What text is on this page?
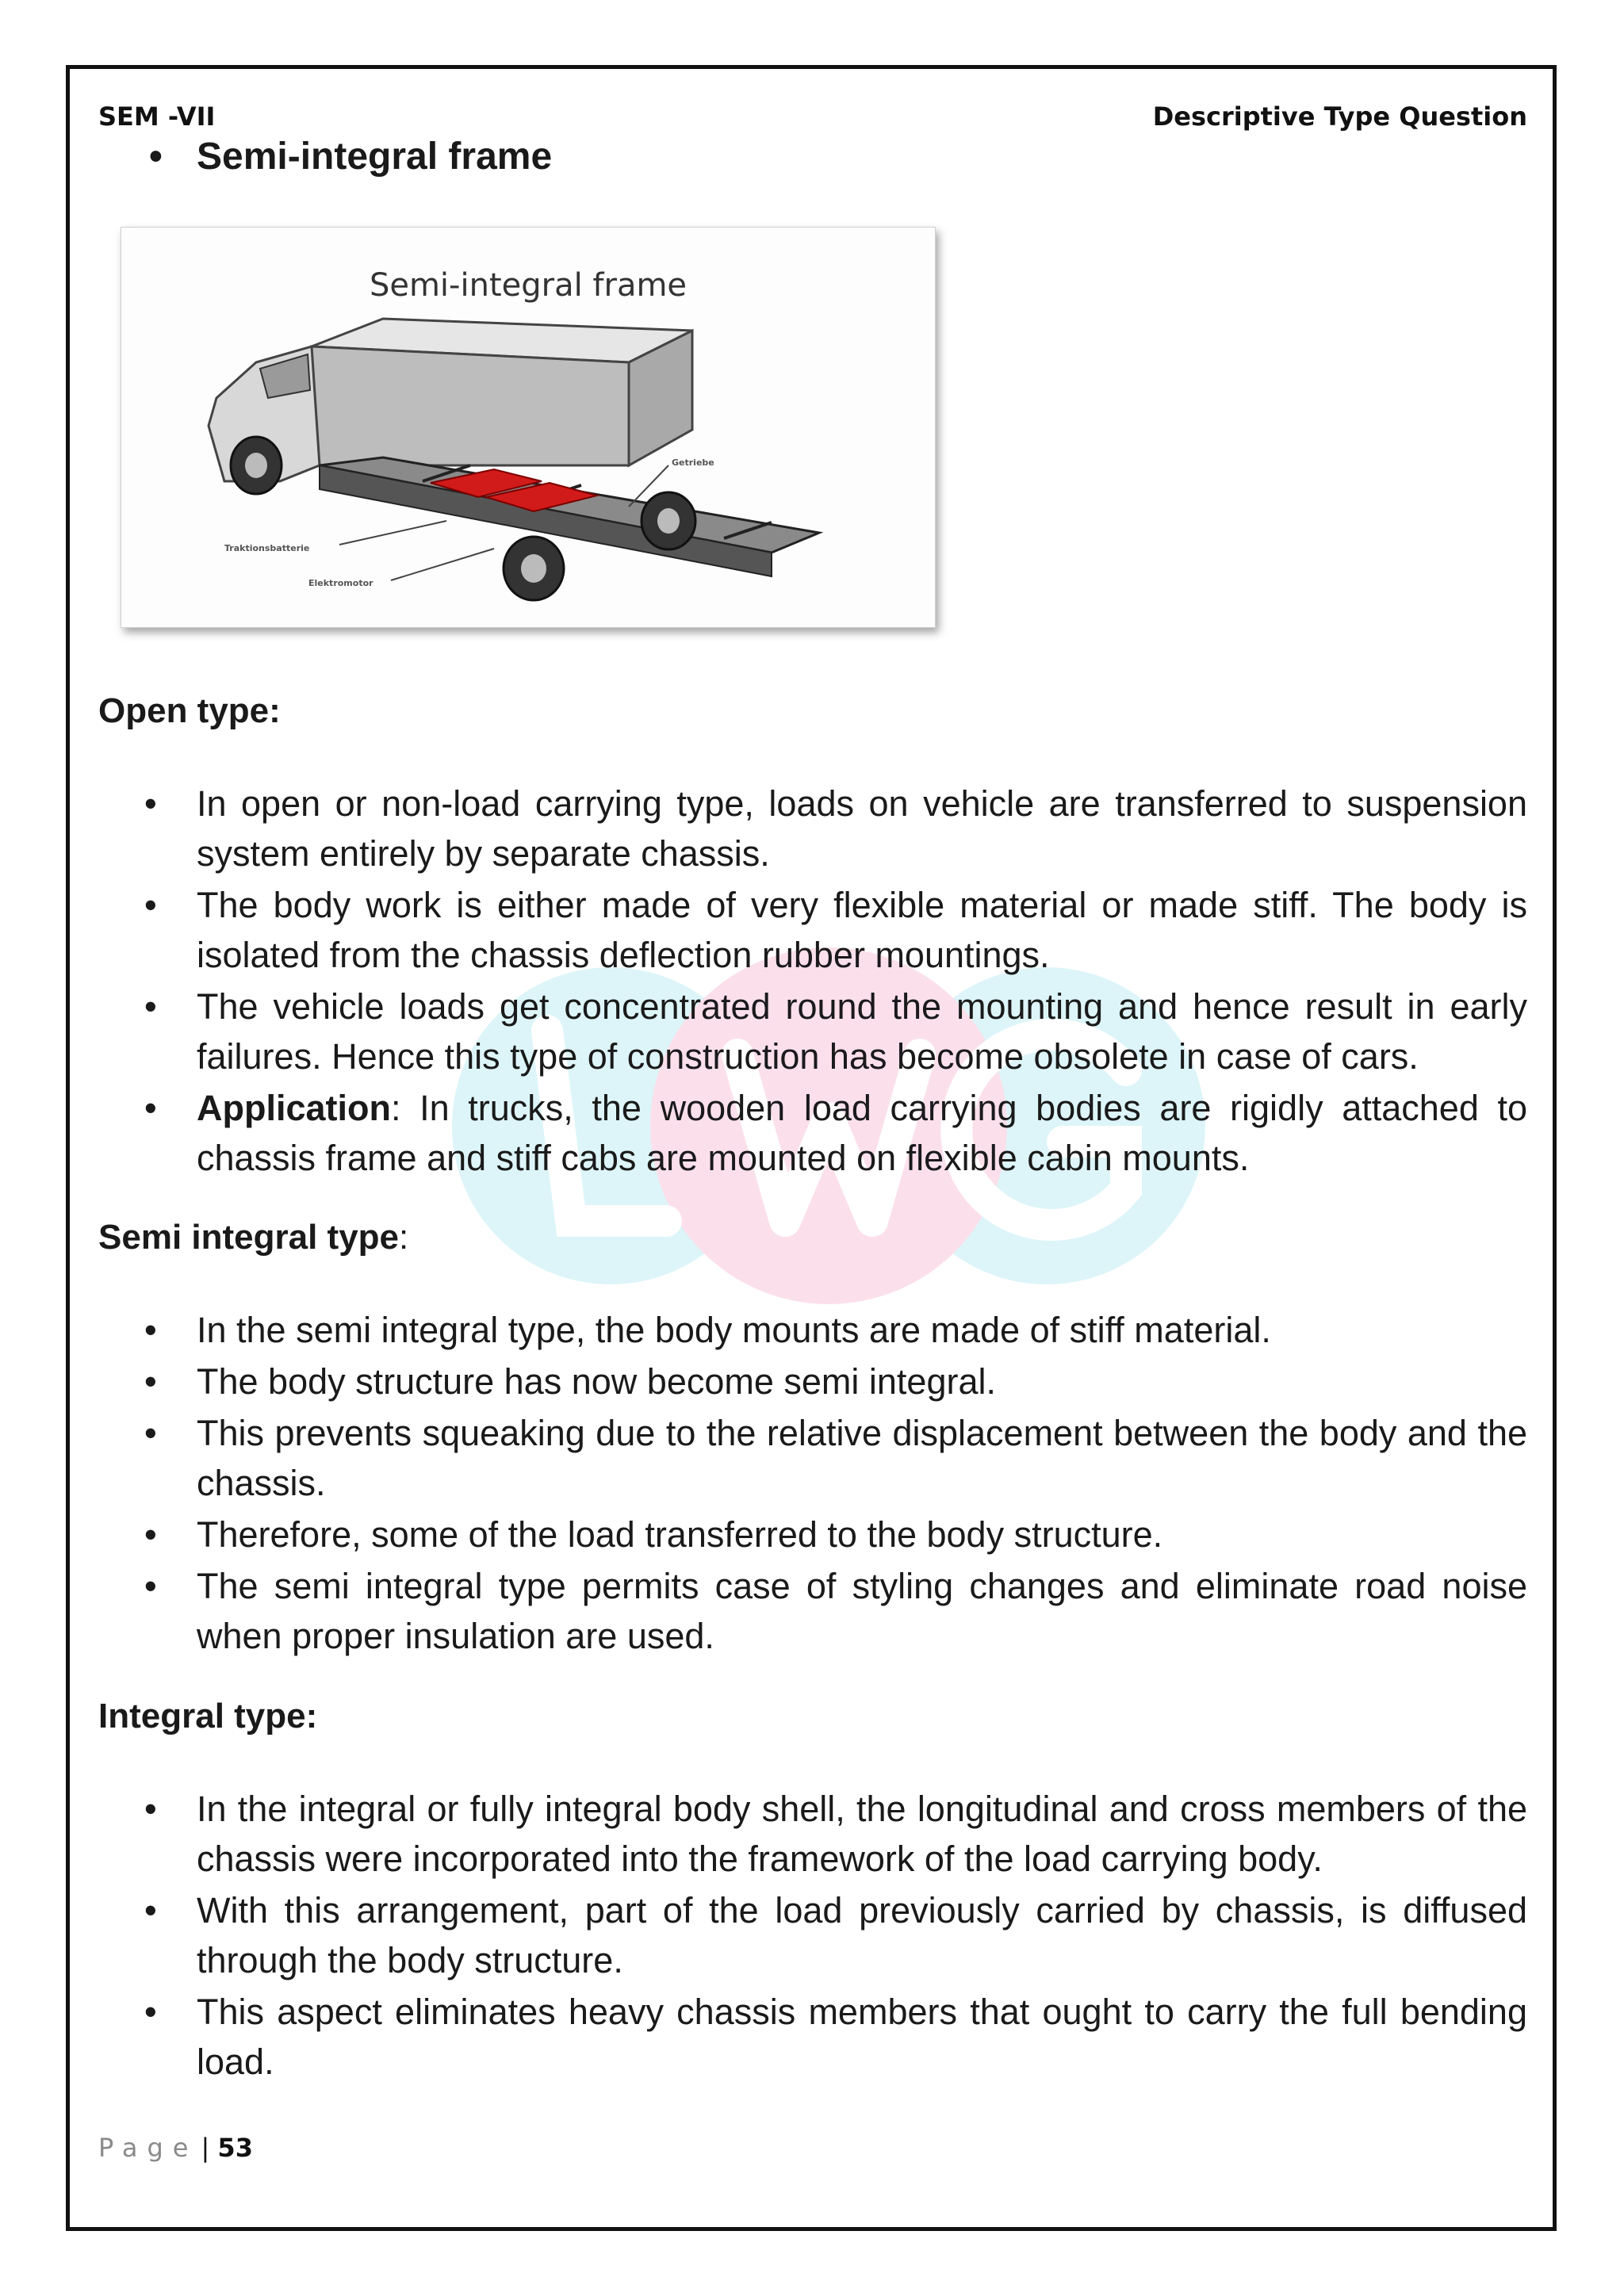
SEM -VII	Descriptive Type Question
• Semi-integral frame
Semi-integral frame
Getriebe
Traktionsbatterie
Elektromotor
Open type:
• In open or non-load carrying type, loads on vehicle are transferred to suspension system entirely by separate chassis.
• The body work is either made of very flexible material or made stiff. The body is isolated from the chassis deflection rubber mountings.
• The vehicle loads get concentrated round the mounting and hence result in early failures. Hence this type of construction has become obsolete in case of cars.
• Application: In trucks, the wooden load carrying bodies are rigidly attached to chassis frame and stiff cabs are mounted on flexible cabin mounts.
Semi integral type:
• In the semi integral type, the body mounts are made of stiff material.
• The body structure has now become semi integral.
• This prevents squeaking due to the relative displacement between the body and the chassis.
• Therefore, some of the load transferred to the body structure.
• The semi integral type permits case of styling changes and eliminate road noise when proper insulation are used.
Integral type:
• In the integral or fully integral body shell, the longitudinal and cross members of the chassis were incorporated into the framework of the load carrying body.
• With this arrangement, part of the load previously carried by chassis, is diffused through the body structure.
• This aspect eliminates heavy chassis members that ought to carry the full bending load.
Page | 53
